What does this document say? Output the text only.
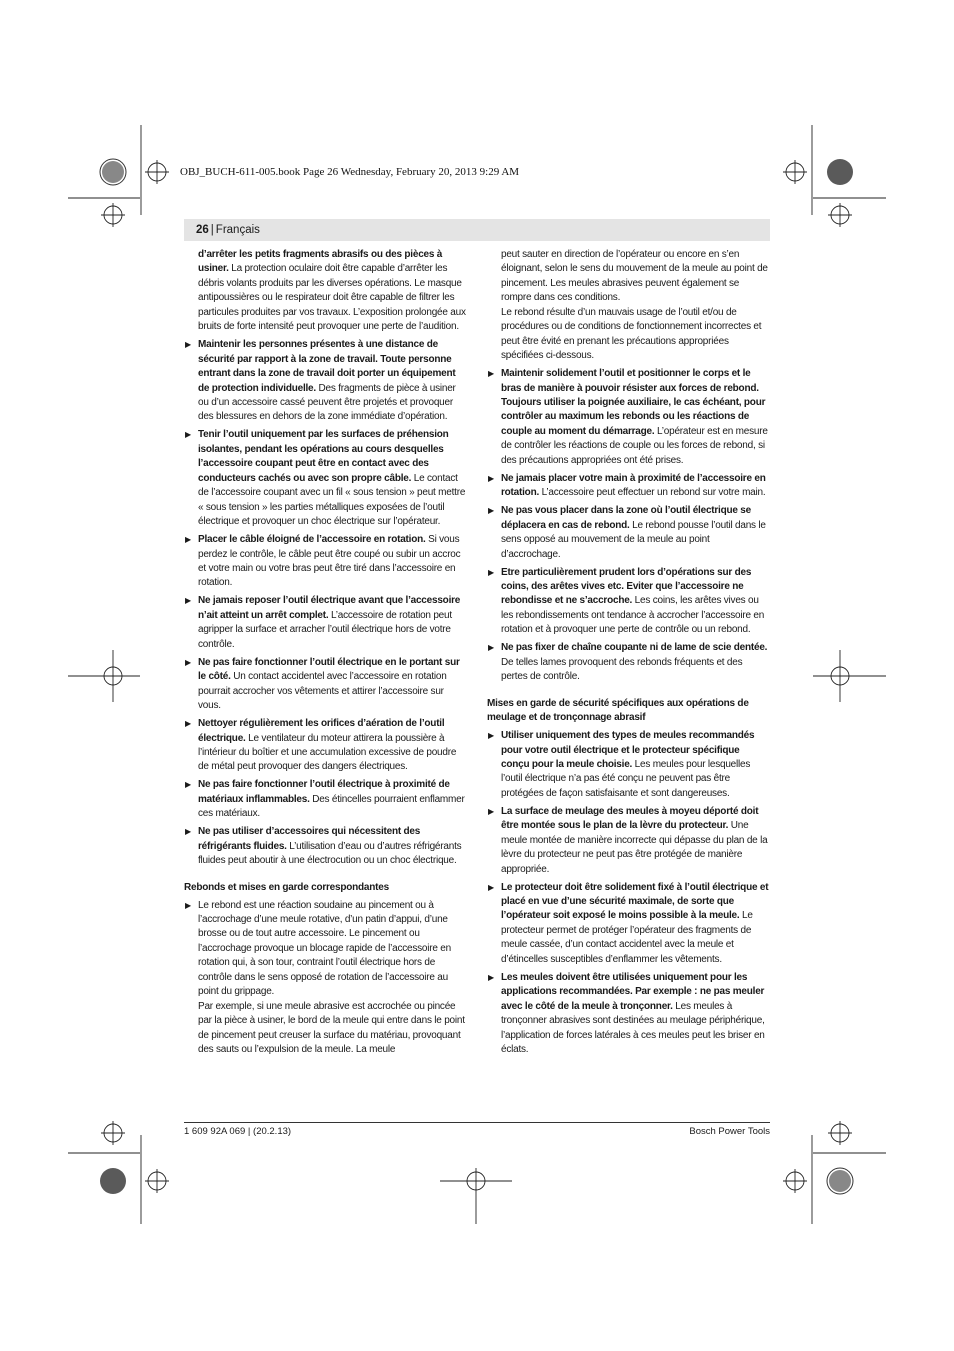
OBJ_BUCH-611-005.book Page 26 Wednesday, February 20, 2013 9:29 AM
26 | Français

d’arrêter les petits fragments abrasifs ou des pièces à usiner. La protection oculaire doit être capable d’arrêter les débris volants produits par les diverses opérations. Le masque antipoussières ou le respirateur doit être capable de filtrer les particules produites par vos travaux. L’exposition prolongée aux bruits de forte intensité peut provoquer une perte de l’audition.

▶ Maintenir les personnes présentes à une distance de sécurité par rapport à la zone de travail. Toute personne entrant dans la zone de travail doit porter un équipement de protection individuelle. Des fragments de pièce à usiner ou d’un accessoire cassé peuvent être projetés et provoquer des blessures en dehors de la zone immédiate d’opération.

▶ Tenir l’outil uniquement par les surfaces de préhension isolantes, pendant les opérations au cours desquelles l’accessoire coupant peut être en contact avec des conducteurs cachés ou avec son propre câble. Le contact de l’accessoire coupant avec un fil « sous tension » peut mettre « sous tension » les parties métalliques exposées de l’outil électrique et provoquer un choc électrique sur l’opérateur.

▶ Placer le câble éloigné de l’accessoire en rotation. Si vous perdez le contrôle, le câble peut être coupé ou subir un accroc et votre main ou votre bras peut être tiré dans l’accessoire en rotation.

▶ Ne jamais reposer l’outil électrique avant que l’accessoire n’ait atteint un arrêt complet. L’accessoire de rotation peut agripper la surface et arracher l’outil électrique hors de votre contrôle.

▶ Ne pas faire fonctionner l’outil électrique en le portant sur le côté. Un contact accidentel avec l’accessoire en rotation pourrait accrocher vos vêtements et attirer l’accessoire sur vous.

▶ Nettoyer régulièrement les orifices d’aération de l’outil électrique. Le ventilateur du moteur attirera la poussière à l’intérieur du boîtier et une accumulation excessive de poudre de métal peut provoquer des dangers électriques.

▶ Ne pas faire fonctionner l’outil électrique à proximité de matériaux inflammables. Des étincelles pourraient enflammer ces matériaux.

▶ Ne pas utiliser d’accessoires qui nécessitent des réfrigérants fluides. L’utilisation d’eau ou d’autres réfrigérants fluides peut aboutir à une électrocution ou un choc électrique.

Rebonds et mises en garde correspondantes
▶ Le rebond est une réaction soudaine au pincement ou à l’accrochage d’une meule rotative, d’un patin d’appui, d’une brosse ou de tout autre accessoire. Le pincement ou l’accrochage provoque un blocage rapide de l’accessoire en rotation qui, à son tour, contraint l’outil électrique hors de contrôle dans le sens opposé de rotation de l’accessoire au point du grippage.

Par exemple, si une meule abrasive est accrochée ou pincée par la pièce à usiner, le bord de la meule qui entre dans le point de pincement peut creuser la surface du matériau, provoquant des sauts ou l’expulsion de la meule. La meule

peut sauter en direction de l’opérateur ou encore en s’en éloignant, selon le sens du mouvement de la meule au point de pincement. Les meules abrasives peuvent également se rompre dans ces conditions.

Le rebond résulte d’un mauvais usage de l’outil et/ou de procédures ou de conditions de fonctionnement incorrectes et peut être évité en prenant les précautions appropriées spécifiées ci-dessous.

▶ Maintenir solidement l’outil et positionner le corps et le bras de manière à pouvoir résister aux forces de rebond. Toujours utiliser la poignée auxiliaire, le cas échéant, pour contrôler au maximum les rebonds ou les réactions de couple au moment du démarrage. L’opérateur est en mesure de contrôler les réactions de couple ou les forces de rebond, si des précautions appropriées ont été prises.

▶ Ne jamais placer votre main à proximité de l’accessoire en rotation. L’accessoire peut effectuer un rebond sur votre main.

▶ Ne pas vous placer dans la zone où l’outil électrique se déplacera en cas de rebond. Le rebond pousse l’outil dans le sens opposé au mouvement de la meule au point d’accrochage.

▶ Etre particulièrement prudent lors d’opérations sur des coins, des arêtes vives etc. Eviter que l’accessoire ne rebondisse et ne s’accroche. Les coins, les arêtes vives ou les rebondissements ont tendance à accrocher l’accessoire en rotation et à provoquer une perte de contrôle ou un rebond.

▶ Ne pas fixer de chaîne coupante ni de lame de scie dentée. De telles lames provoquent des rebonds fréquents et des pertes de contrôle.

Mises en garde de sécurité spécifiques aux opérations de meulage et de tronçonnage abrasif
▶ Utiliser uniquement des types de meules recommandés pour votre outil électrique et le protecteur spécifique conçu pour la meule choisie. Les meules pour lesquelles l’outil électrique n’a pas été conçu ne peuvent pas être protégées de façon satisfaisante et sont dangereuses.

▶ La surface de meulage des meules à moyeu déporté doit être montée sous le plan de la lèvre du protecteur. Une meule montée de manière incorrecte qui dépasse du plan de la lèvre du protecteur ne peut pas être protégée de manière appropriée.

▶ Le protecteur doit être solidement fixé à l’outil électrique et placé en vue d’une sécurité maximale, de sorte que l’opérateur soit exposé le moins possible à la meule. Le protecteur permet de protéger l’opérateur des fragments de meule cassée, d’un contact accidentel avec la meule et d’étincelles susceptibles d’enflammer les vêtements.

▶ Les meules doivent être utilisées uniquement pour les applications recommandées. Par exemple : ne pas meuler avec le côté de la meule à tronçonner. Les meules à tronçonner abrasives sont destinées au meulage périphérique, l’application de forces latérales à ces meules peut les briser en éclats.

1 609 92A 069 | (20.2.13)	Bosch Power Tools
